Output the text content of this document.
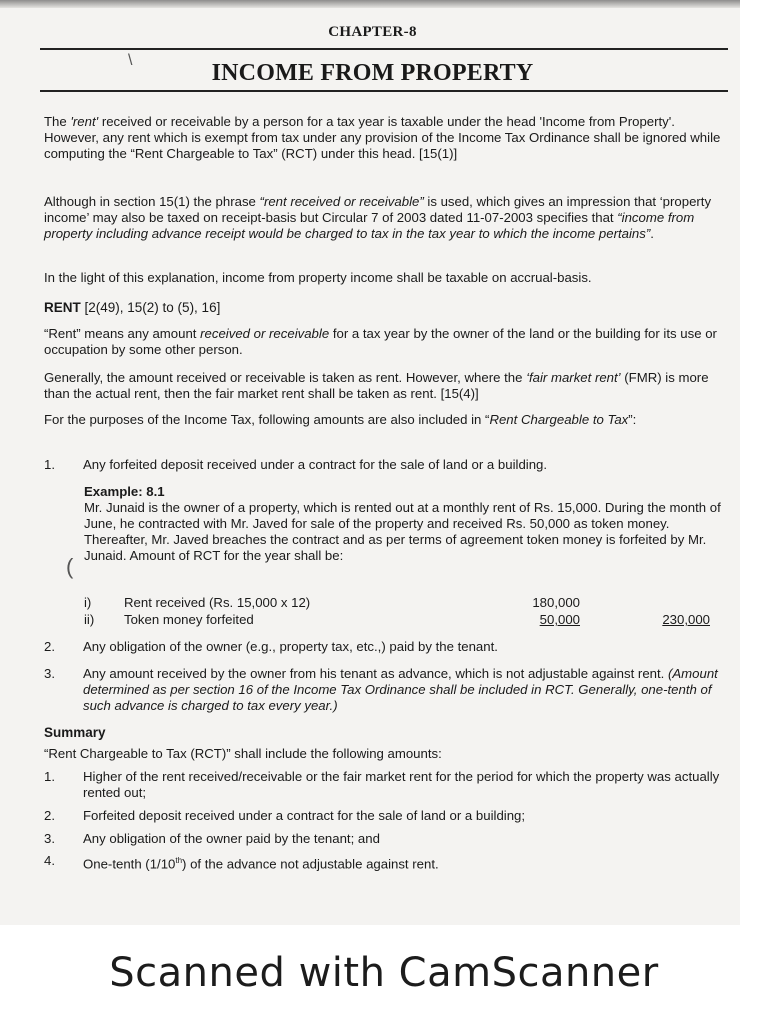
CHAPTER-8
\	INCOME FROM PROPERTY
The 'rent' received or receivable by a person for a tax year is taxable under the head 'Income from Property'. However, any rent which is exempt from tax under any provision of the Income Tax Ordinance shall be ignored while computing the “Rent Chargeable to Tax” (RCT) under this head. [15(1)]
Although in section 15(1) the phrase “rent received or receivable” is used, which gives an impression that ‘property income’ may also be taxed on receipt-basis but Circular 7 of 2003 dated 11-07-2003 specifies that “income from property including advance receipt would be charged to tax in the tax year to which the income pertains”.
In the light of this explanation, income from property income shall be taxable on accrual-basis.
RENT [2(49), 15(2) to (5), 16]
“Rent” means any amount received or receivable for a tax year by the owner of the land or the building for its use or occupation by some other person.
Generally, the amount received or receivable is taken as rent. However, where the ‘fair market rent’ (FMR) is more than the actual rent, then the fair market rent shall be taken as rent. [15(4)]
For the purposes of the Income Tax, following amounts are also included in “Rent Chargeable to Tax”:
1. Any forfeited deposit received under a contract for the sale of land or a building.
Example: 8.1
Mr. Junaid is the owner of a property, which is rented out at a monthly rent of Rs. 15,000. During the month of June, he contracted with Mr. Javed for sale of the property and received Rs. 50,000 as token money. Thereafter, Mr. Javed breaches the contract and as per terms of agreement token money is forfeited by Mr. Junaid. Amount of RCT for the year shall be:
(
i) Rent received (Rs. 15,000 x 12)	180,000
ii) Token money forfeited	50,000	230,000
2. Any obligation of the owner (e.g., property tax, etc.,) paid by the tenant.
3. Any amount received by the owner from his tenant as advance, which is not adjustable against rent. (Amount determined as per section 16 of the Income Tax Ordinance shall be included in RCT. Generally, one-tenth of such advance is charged to tax every year.)
Summary
“Rent Chargeable to Tax (RCT)” shall include the following amounts:
1. Higher of the rent received/receivable or the fair market rent for the period for which the property was actually rented out;
2. Forfeited deposit received under a contract for the sale of land or a building;
3. Any obligation of the owner paid by the tenant; and
4. One-tenth (1/10th) of the advance not adjustable against rent.
Scanned with CamScanner
